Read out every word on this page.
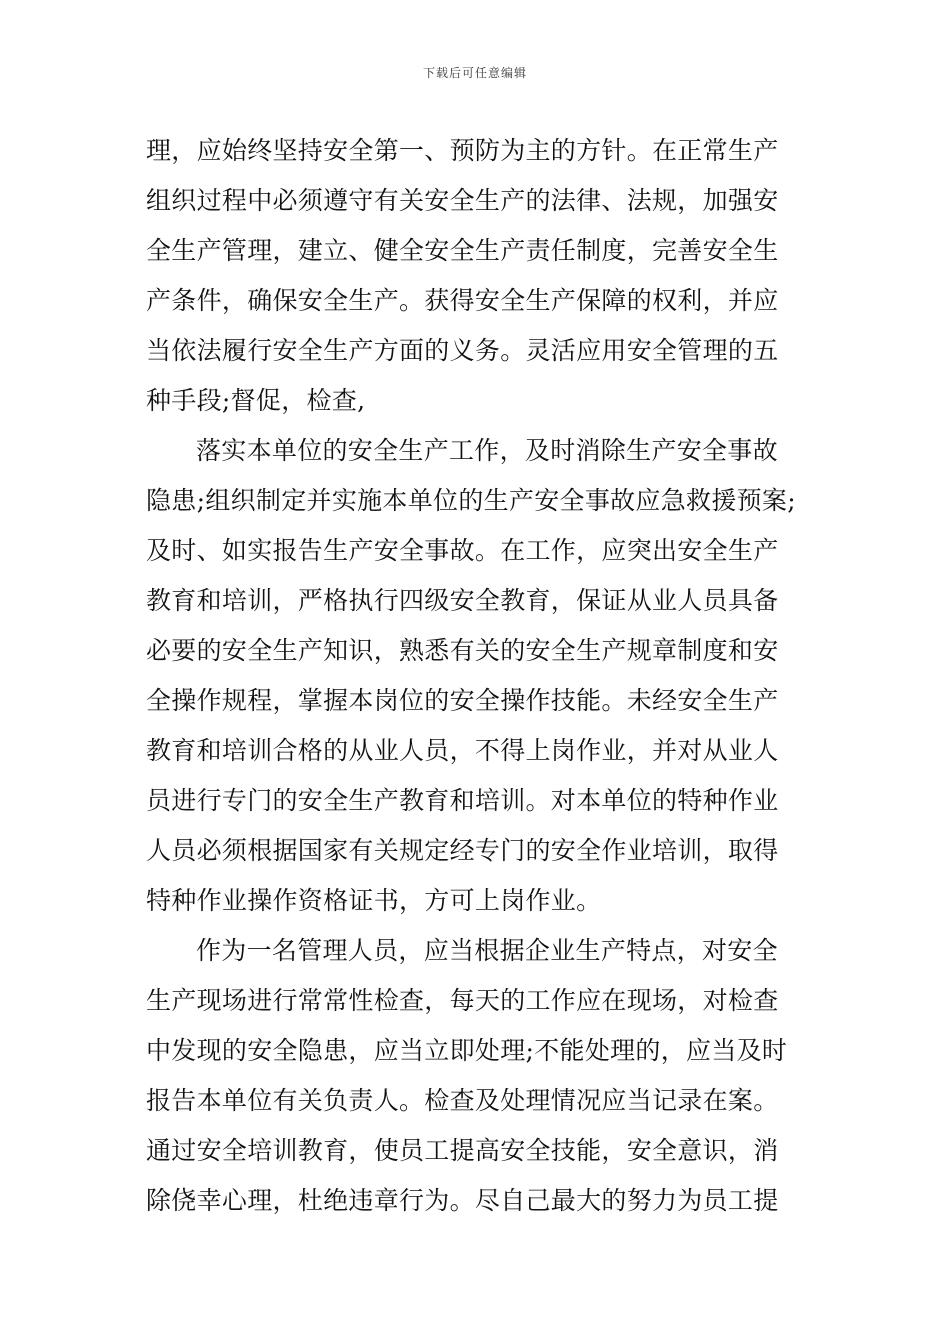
下载后可任意编辑
理，应始终坚持安全第一、预防为主的方针。在正常生产
组织过程中必须遵守有关安全生产的法律、法规，加强安
全生产管理，建立、健全安全生产责任制度，完善安全生
产条件，确保安全生产。获得安全生产保障的权利，并应
当依法履行安全生产方面的义务。灵活应用安全管理的五
种手段;督促，检查,
落实本单位的安全生产工作，及时消除生产安全事故
隐患;组织制定并实施本单位的生产安全事故应急救援预案;
及时、如实报告生产安全事故。在工作，应突出安全生产
教育和培训，严格执行四级安全教育，保证从业人员具备
必要的安全生产知识，熟悉有关的安全生产规章制度和安
全操作规程，掌握本岗位的安全操作技能。未经安全生产
教育和培训合格的从业人员，不得上岗作业，并对从业人
员进行专门的安全生产教育和培训。对本单位的特种作业
人员必须根据国家有关规定经专门的安全作业培训，取得
特种作业操作资格证书，方可上岗作业。
作为一名管理人员，应当根据企业生产特点，对安全
生产现场进行常常性检查，每天的工作应在现场，对检查
中发现的安全隐患，应当立即处理;不能处理的，应当及时
报告本单位有关负责人。检查及处理情况应当记录在案。
通过安全培训教育，使员工提高安全技能，安全意识，消
除侥幸心理，杜绝违章行为。尽自己最大的努力为员工提
